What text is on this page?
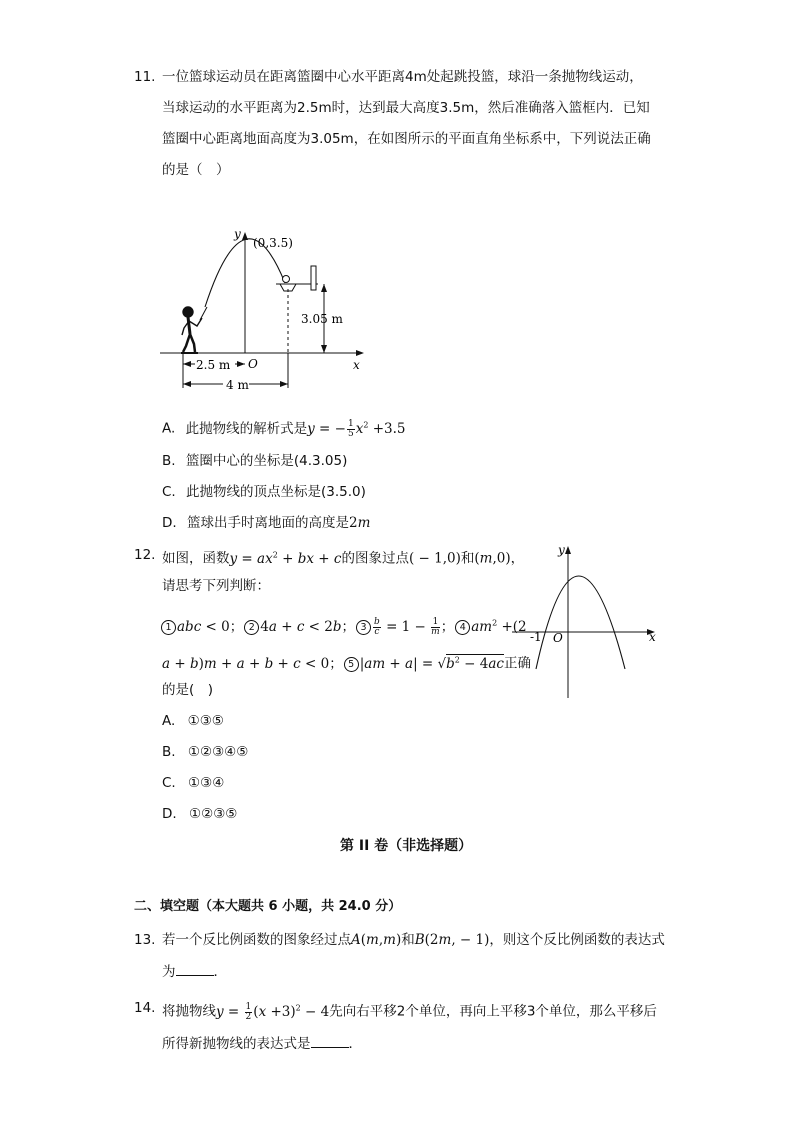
11. 一位篮球运动员在距离篮圈中心水平距离4m处起跳投篮，球沿一条抛物线运动，
当球运动的水平距离为2.5m时，达到最大高度3.5m，然后准确落入篮框内．已知
篮圈中心距离地面高度为3.05m，在如图所示的平面直角坐标系中，下列说法正确
的是（　）
y
x
O
(0,3.5)
3.05 m
2.5 m
4 m
A. 此抛物线的解析式是y = − $\frac{1}{5} x^2 +3.5$
B. 篮圈中心的坐标是(4.3.05)
C. 此抛物线的顶点坐标是(3.5.0)
D. 篮球出手时离地面的高度是2m
12. 如图，函数$y = ax^2$ + bx + c的图象过点( − 1,0)和(m,0)，
请思考下列判断：
1 abc < 0； 2 4a + c < 2b； $3 \frac{b}{c} = 1 - \frac{1}{m}$ ； 4 $am^2 +(2$
a + b)m + a + b + c < 0； 5 $|am + a| = √b^2 - 4ac$正确
的是(　)
y
x
O
-1
A. ①③⑤
B. ①②③④⑤
C. ①③④
D. ①②③⑤
第 II 卷（非选择题）
二、填空题（本大题共 6 小题，共 24.0 分）
13. 若一个反比例函数的图象经过点A(m,m)和B(2m, − 1)，则这个反比例函数的表达式
为	．
14. 将抛物线$y = \frac{1}{2} (x +3)^2 - 4$先向右平移2个单位，再向上平移3个单位，那么平移后
所得新抛物线的表达式是	．
